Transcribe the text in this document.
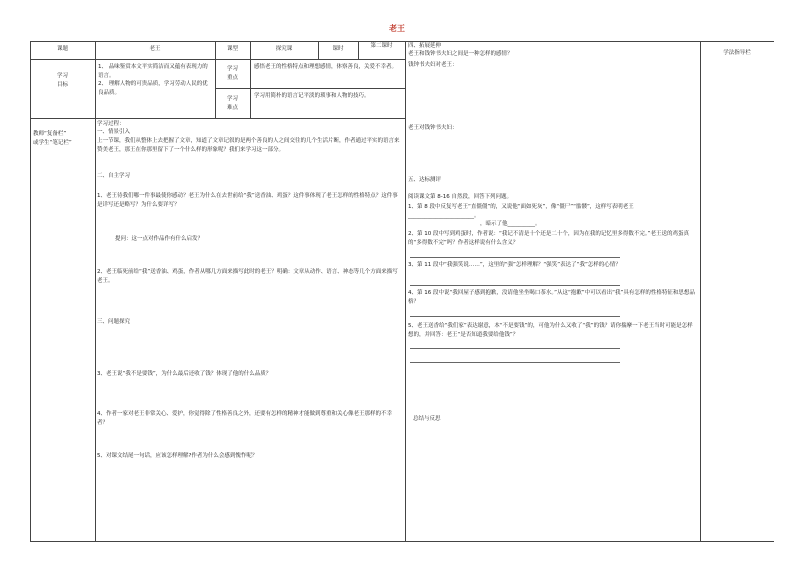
老王
课题	老王	课型	探究课	课时	第二课时
学法指导栏
学习
目标
1、 品味鉴赏本文平实简洁而又蕴有表现力的语言。
2、 理解人物的可贵品质，学习劳动人民的优良品质。
学习
重点
感悟老王的性格特点和理想感情，体察善良，关爱不幸者。
学习
难点
学习用简朴的语言记平淡的琐事和人物的技巧。
教师“复备栏”
或学生“笔记栏”
学习过程：
一、情景引入
上一节课，我们从整体上去把握了文章，知道了文章记叙的是两个善良的人之间交往的几个生活片断，作者通过平实的语言来赞美老王，那王在你那里留下了一个什么样的形象呢？我们来学习这一部分。
二、自主学习
1、老王待我们哪一件事最使你感动？老王为什么在去世前给“我”送香油、鸡蛋？这件事体现了老王怎样的性格特点？这件事是详写还是略写？为什么要详写？
提问：这一点对作品作有什么启发？
2、老王临死前给“我”送香油、鸡蛋，作者从哪几方面来描写此时的老王？明确：文章从动作、语言、神态等几个方面来描写老王。
三、问题探究
3、老王说“我不是要钱”，为什么最后还收了钱？体现了他的什么品质？
4、作者一家对老王非常关心、爱护，你觉得除了性格善良之外，还要有怎样的精神才能做到尊重和关心像老王那样的不幸者？
5、对课文结尾一句话，应该怎样理解?作者为什么会感到愧怍呢？
四、拓展延伸
老王和钱钟书夫妇之间是一种怎样的感情？
钱钟书夫妇对老王：
老王对钱钟书夫妇：
五、达标测评
阅读课文第 8-16 自然段，回答下列问题。
1、第 8 段中反复写老王“直僵僵”的，又说他“面如死灰”，像“僵尸”“骷髅”，这样写表明老王________________________。
，暗示了他__________。
2、第 10 段中写到鸡蛋时，作者说：“我记不清是十个还是二十个，因为在我的记忆里多得数不完。”老王送的鸡蛋真的“多得数不完”吗？作者这样说有什么含义？
3、第 11 段中“我强笑说……”，这里的“强”怎样理解？“强笑”表达了“我”怎样的心情？
4、第 16 段中说“我回屋子感到抱歉，没请他坐坐喝口茶水。”从这“抱歉”中可以看出“我”具有怎样的性格特征和思想品格？
5、老王送香给“我们家”表达谢意，本“不是要钱”的，可他为什么又收了“我”的钱？请你揣摩一下老王当时可能是怎样想的，并回答：老王“是否知道我要给他钱”？
总结与反思
